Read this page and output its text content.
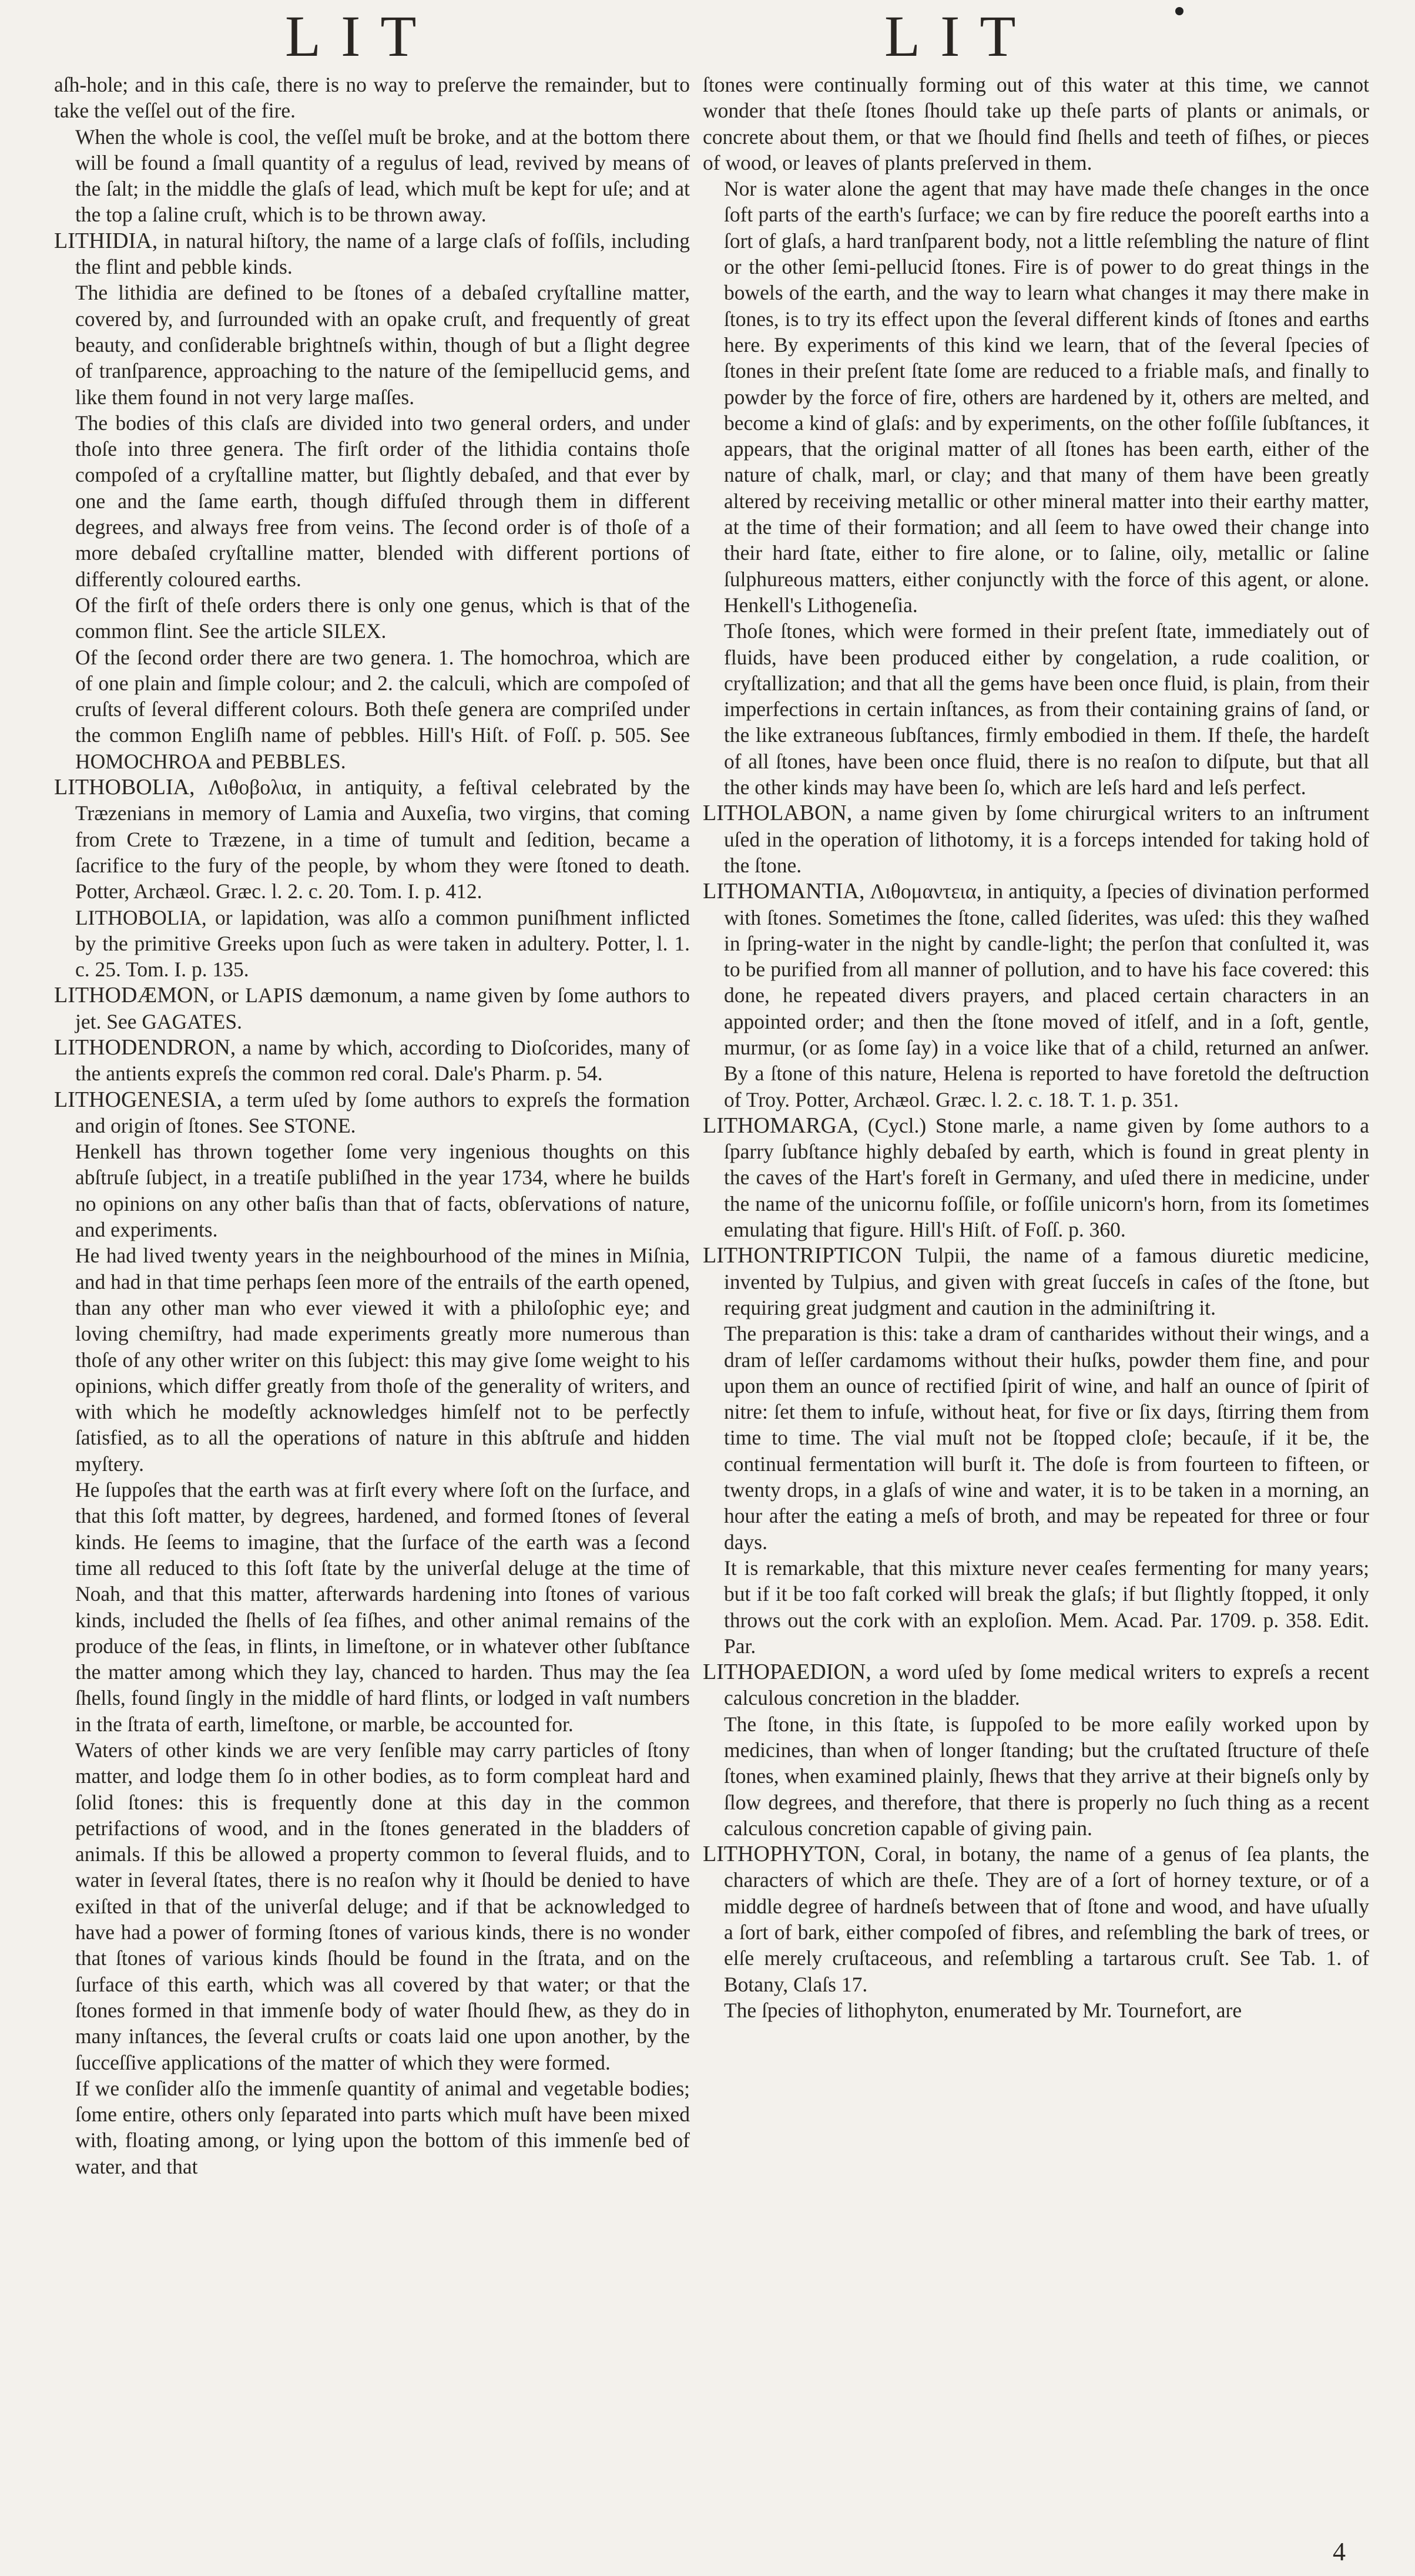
LIT	LIT

aſh-hole; and in this caſe, there is no way to preſerve the remainder, but to take the veſſel out of the fire.

When the whole is cool, the veſſel muſt be broke, and at the bottom there will be found a ſmall quantity of a regulus of lead, revived by means of the ſalt; in the middle the glaſs of lead, which muſt be kept for uſe; and at the top a ſaline cruſt, which is to be thrown away.

LITHIDIA, in natural hiſtory, the name of a large claſs of foſſils, including the flint and pebble kinds.

The lithidia are defined to be ſtones of a debaſed cryſtalline matter, covered by, and ſurrounded with an opake cruſt, and frequently of great beauty, and conſiderable brightneſs within, though of but a ſlight degree of tranſparence, approaching to the nature of the ſemipellucid gems, and like them found in not very large maſſes.

The bodies of this claſs are divided into two general orders, and under thoſe into three genera. The firſt order of the lithidia contains thoſe compoſed of a cryſtalline matter, but ſlightly debaſed, and that ever by one and the ſame earth, though diffuſed through them in different degrees, and always free from veins. The ſecond order is of thoſe of a more debaſed cryſtalline matter, blended with different portions of differently coloured earths.

Of the firſt of theſe orders there is only one genus, which is that of the common flint. See the article SILEX.

Of the ſecond order there are two genera. 1. The homochroa, which are of one plain and ſimple colour; and 2. the calculi, which are compoſed of cruſts of ſeveral different colours. Both theſe genera are compriſed under the common Engliſh name of pebbles. Hill's Hiſt. of Foſſ. p. 505. See HOMOCHROA and PEBBLES.

LITHOBOLIA, Λιθοβολια, in antiquity, a feſtival celebrated by the Træzenians in memory of Lamia and Auxeſia, two virgins, that coming from Crete to Træzene, in a time of tumult and ſedition, became a ſacrifice to the fury of the people, by whom they were ſtoned to death. Potter, Archæol. Græc. l. 2. c. 20. Tom. I. p. 412.

LITHOBOLIA, or lapidation, was alſo a common puniſhment inflicted by the primitive Greeks upon ſuch as were taken in adultery. Potter, l. 1. c. 25. Tom. I. p. 135.

LITHODÆMON, or LAPIS dæmonum, a name given by ſome authors to jet. See GAGATES.

LITHODENDRON, a name by which, according to Dioſcorides, many of the antients expreſs the common red coral. Dale's Pharm. p. 54.

LITHOGENESIA, a term uſed by ſome authors to expreſs the formation and origin of ſtones. See STONE.

Henkell has thrown together ſome very ingenious thoughts on this abſtruſe ſubject, in a treatiſe publiſhed in the year 1734, where he builds no opinions on any other baſis than that of facts, obſervations of nature, and experiments.

He had lived twenty years in the neighbourhood of the mines in Miſnia, and had in that time perhaps ſeen more of the entrails of the earth opened, than any other man who ever viewed it with a philoſophic eye; and loving chemiſtry, had made experiments greatly more numerous than thoſe of any other writer on this ſubject: this may give ſome weight to his opinions, which differ greatly from thoſe of the generality of writers, and with which he modeſtly acknowledges himſelf not to be perfectly ſatisfied, as to all the operations of nature in this abſtruſe and hidden myſtery.

He ſuppoſes that the earth was at firſt every where ſoft on the ſurface, and that this ſoft matter, by degrees, hardened, and formed ſtones of ſeveral kinds. He ſeems to imagine, that the ſurface of the earth was a ſecond time all reduced to this ſoft ſtate by the univerſal deluge at the time of Noah, and that this matter, afterwards hardening into ſtones of various kinds, included the ſhells of ſea fiſhes, and other animal remains of the produce of the ſeas, in flints, in limeſtone, or in whatever other ſubſtance the matter among which they lay, chanced to harden. Thus may the ſea ſhells, found ſingly in the middle of hard flints, or lodged in vaſt numbers in the ſtrata of earth, limeſtone, or marble, be accounted for.

Waters of other kinds we are very ſenſible may carry particles of ſtony matter, and lodge them ſo in other bodies, as to form compleat hard and ſolid ſtones: this is frequently done at this day in the common petrifactions of wood, and in the ſtones generated in the bladders of animals. If this be allowed a property common to ſeveral fluids, and to water in ſeveral ſtates, there is no reaſon why it ſhould be denied to have exiſted in that of the univerſal deluge; and if that be acknowledged to have had a power of forming ſtones of various kinds, there is no wonder that ſtones of various kinds ſhould be found in the ſtrata, and on the ſurface of this earth, which was all covered by that water; or that the ſtones formed in that immenſe body of water ſhould ſhew, as they do in many inſtances, the ſeveral cruſts or coats laid one upon another, by the ſucceſſive applications of the matter of which they were formed.

If we conſider alſo the immenſe quantity of animal and vegetable bodies; ſome entire, others only ſeparated into parts which muſt have been mixed with, floating among, or lying upon the bottom of this immenſe bed of water, and that

ſtones were continually forming out of this water at this time, we cannot wonder that theſe ſtones ſhould take up theſe parts of plants or animals, or concrete about them, or that we ſhould find ſhells and teeth of fiſhes, or pieces of wood, or leaves of plants preſerved in them.

Nor is water alone the agent that may have made theſe changes in the once ſoft parts of the earth's ſurface; we can by fire reduce the pooreſt earths into a ſort of glaſs, a hard tranſparent body, not a little reſembling the nature of flint or the other ſemi-pellucid ſtones. Fire is of power to do great things in the bowels of the earth, and the way to learn what changes it may there make in ſtones, is to try its effect upon the ſeveral different kinds of ſtones and earths here. By experiments of this kind we learn, that of the ſeveral ſpecies of ſtones in their preſent ſtate ſome are reduced to a friable maſs, and finally to powder by the force of fire, others are hardened by it, others are melted, and become a kind of glaſs: and by experiments, on the other foſſile ſubſtances, it appears, that the original matter of all ſtones has been earth, either of the nature of chalk, marl, or clay; and that many of them have been greatly altered by receiving metallic or other mineral matter into their earthy matter, at the time of their formation; and all ſeem to have owed their change into their hard ſtate, either to fire alone, or to ſaline, oily, metallic or ſaline ſulphureous matters, either conjunctly with the force of this agent, or alone. Henkell's Lithogeneſia.

Thoſe ſtones, which were formed in their preſent ſtate, immediately out of fluids, have been produced either by congelation, a rude coalition, or cryſtallization; and that all the gems have been once fluid, is plain, from their imperfections in certain inſtances, as from their containing grains of ſand, or the like extraneous ſubſtances, firmly embodied in them. If theſe, the hardeſt of all ſtones, have been once fluid, there is no reaſon to diſpute, but that all the other kinds may have been ſo, which are leſs hard and leſs perfect.

LITHOLABON, a name given by ſome chirurgical writers to an inſtrument uſed in the operation of lithotomy, it is a forceps intended for taking hold of the ſtone.

LITHOMANTIA, Λιθομαντεια, in antiquity, a ſpecies of divination performed with ſtones. Sometimes the ſtone, called ſiderites, was uſed: this they waſhed in ſpring-water in the night by candle-light; the perſon that conſulted it, was to be purified from all manner of pollution, and to have his face covered: this done, he repeated divers prayers, and placed certain characters in an appointed order; and then the ſtone moved of itſelf, and in a ſoft, gentle, murmur, (or as ſome ſay) in a voice like that of a child, returned an anſwer. By a ſtone of this nature, Helena is reported to have foretold the deſtruction of Troy. Potter, Archæol. Græc. l. 2. c. 18. T. 1. p. 351.

LITHOMARGA, (Cycl.) Stone marle, a name given by ſome authors to a ſparry ſubſtance highly debaſed by earth, which is found in great plenty in the caves of the Hart's foreſt in Germany, and uſed there in medicine, under the name of the unicornu foſſile, or foſſile unicorn's horn, from its ſometimes emulating that figure. Hill's Hiſt. of Foſſ. p. 360.

LITHONTRIPTICON Tulpii, the name of a famous diuretic medicine, invented by Tulpius, and given with great ſucceſs in caſes of the ſtone, but requiring great judgment and caution in the adminiſtring it.

The preparation is this: take a dram of cantharides without their wings, and a dram of leſſer cardamoms without their huſks, powder them fine, and pour upon them an ounce of rectified ſpirit of wine, and half an ounce of ſpirit of nitre: ſet them to infuſe, without heat, for five or ſix days, ſtirring them from time to time. The vial muſt not be ſtopped cloſe; becauſe, if it be, the continual fermentation will burſt it. The doſe is from fourteen to fifteen, or twenty drops, in a glaſs of wine and water, it is to be taken in a morning, an hour after the eating a meſs of broth, and may be repeated for three or four days.

It is remarkable, that this mixture never ceaſes fermenting for many years; but if it be too faſt corked will break the glaſs; if but ſlightly ſtopped, it only throws out the cork with an exploſion. Mem. Acad. Par. 1709. p. 358. Edit. Par.

LITHOPAEDION, a word uſed by ſome medical writers to expreſs a recent calculous concretion in the bladder.

The ſtone, in this ſtate, is ſuppoſed to be more eaſily worked upon by medicines, than when of longer ſtanding; but the cruſtated ſtructure of theſe ſtones, when examined plainly, ſhews that they arrive at their bigneſs only by ſlow degrees, and therefore, that there is properly no ſuch thing as a recent calculous concretion capable of giving pain.

LITHOPHYTON, Coral, in botany, the name of a genus of ſea plants, the characters of which are theſe. They are of a ſort of horney texture, or of a middle degree of hardneſs between that of ſtone and wood, and have uſually a ſort of bark, either compoſed of fibres, and reſembling the bark of trees, or elſe merely cruſtaceous, and reſembling a tartarous cruſt. See Tab. 1. of Botany, Claſs 17.

The ſpecies of lithophyton, enumerated by Mr. Tournefort, are

4
